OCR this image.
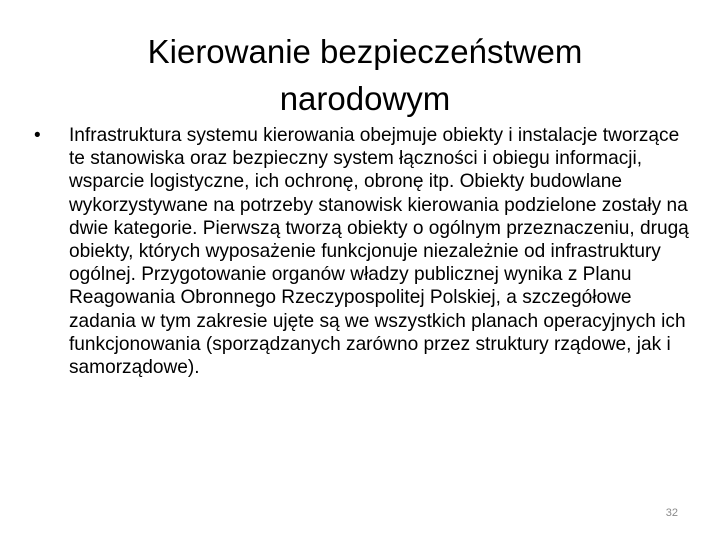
Kierowanie bezpieczeństwem
narodowym
•	Infrastruktura systemu kierowania obejmuje obiekty i instalacje tworzące te stanowiska oraz bezpieczny system łączności i obiegu informacji, wsparcie logistyczne, ich ochronę, obronę itp. Obiekty budowlane wykorzystywane na potrzeby stanowisk kierowania podzielone zostały na dwie kategorie. Pierwszą tworzą obiekty o ogólnym przeznaczeniu, drugą obiekty, których wyposażenie funkcjonuje niezależnie od infrastruktury ogólnej. Przygotowanie organów władzy publicznej wynika z Planu Reagowania Obronnego Rzeczypospolitej Polskiej, a szczegółowe zadania w tym zakresie ujęte są we wszystkich planach operacyjnych ich funkcjonowania (sporządzanych zarówno przez struktury rządowe, jak i samorządowe).
32
